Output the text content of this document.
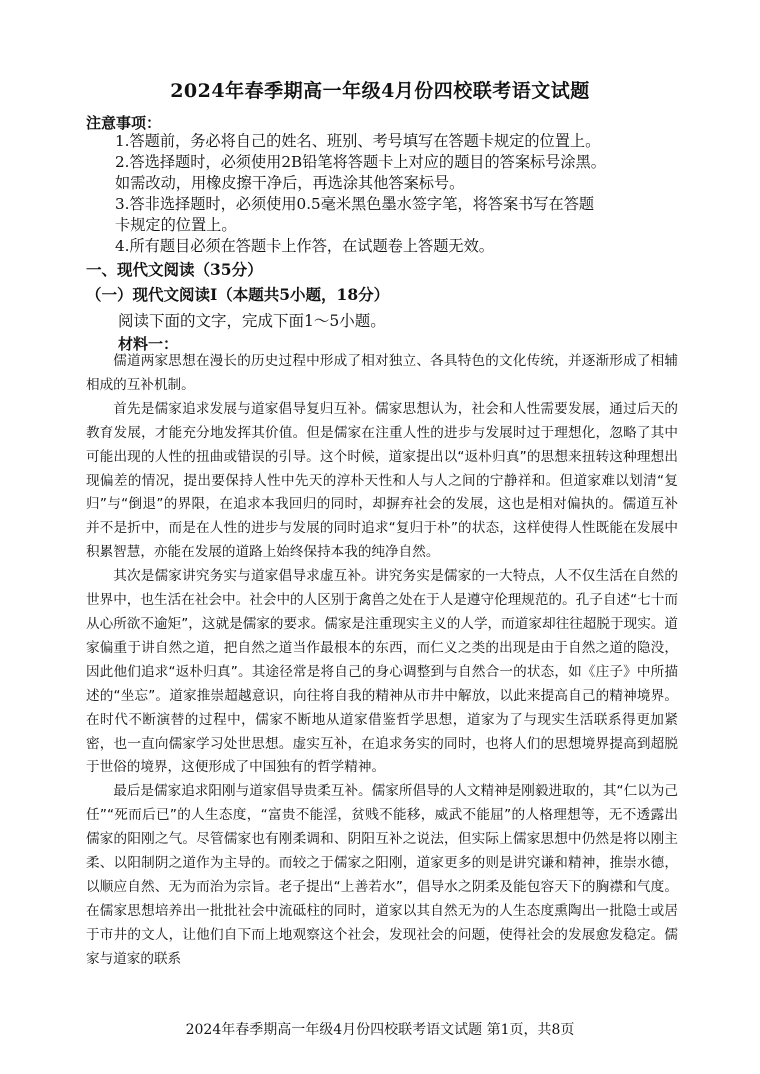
2024年春季期高一年级4月份四校联考语文试题
注意事项：
1.答题前，务必将自己的姓名、班别、考号填写在答题卡规定的位置上。
2.答选择题时，必须使用2B铅笔将答题卡上对应的题目的答案标号涂黑。
如需改动，用橡皮擦干净后，再选涂其他答案标号。
3.答非选择题时，必须使用0.5毫米黑色墨水签字笔，将答案书写在答题
卡规定的位置上。
4.所有题目必须在答题卡上作答，在试题卷上答题无效。
一、现代文阅读（35分）
（一）现代文阅读Ⅰ（本题共5小题，18分）
阅读下面的文字，完成下面1～5小题。
材料一：

儒道两家思想在漫长的历史过程中形成了相对独立、各具特色的文化传统，并逐渐形成了相辅相成的互补机制。

首先是儒家追求发展与道家倡导复归互补。儒家思想认为，社会和人性需要发展，通过后天的教育发展，才能充分地发挥其价值。但是儒家在注重人性的进步与发展时过于理想化，忽略了其中可能出现的人性的扭曲或错误的引导。这个时候，道家提出以“返朴归真”的思想来扭转这种理想出现偏差的情况，提出要保持人性中先天的淳朴天性和人与人之间的宁静祥和。但道家难以划清“复归”与“倒退”的界限，在追求本我回归的同时，却摒弃社会的发展，这也是相对偏执的。儒道互补并不是折中，而是在人性的进步与发展的同时追求“复归于朴”的状态，这样使得人性既能在发展中积累智慧，亦能在发展的道路上始终保持本我的纯净自然。

其次是儒家讲究务实与道家倡导求虚互补。讲究务实是儒家的一大特点，人不仅生活在自然的世界中，也生活在社会中。社会中的人区别于禽兽之处在于人是遵守伦理规范的。孔子自述“七十而从心所欲不逾矩”，这就是儒家的要求。儒家是注重现实主义的人学，而道家却往往超脱于现实。道家偏重于讲自然之道，把自然之道当作最根本的东西，而仁义之类的出现是由于自然之道的隐没，因此他们追求“返朴归真”。其途径常是将自己的身心调整到与自然合一的状态，如《庄子》中所描述的“坐忘”。道家推崇超越意识，向往将自我的精神从市井中解放，以此来提高自己的精神境界。在时代不断演替的过程中，儒家不断地从道家借鉴哲学思想，道家为了与现实生活联系得更加紧密，也一直向儒家学习处世思想。虚实互补，在追求务实的同时，也将人们的思想境界提高到超脱于世俗的境界，这便形成了中国独有的哲学精神。

最后是儒家追求阳刚与道家倡导贵柔互补。儒家所倡导的人文精神是刚毅进取的，其“仁以为己任”“死而后已”的人生态度，“富贵不能淫，贫贱不能移，威武不能屈”的人格理想等，无不透露出儒家的阳刚之气。尽管儒家也有刚柔调和、阴阳互补之说法，但实际上儒家思想中仍然是将以刚主柔、以阳制阴之道作为主导的。而较之于儒家之阳刚，道家更多的则是讲究谦和精神，推崇水德，以顺应自然、无为而治为宗旨。老子提出“上善若水”，倡导水之阴柔及能包容天下的胸襟和气度。在儒家思想培养出一批批社会中流砥柱的同时，道家以其自然无为的人生态度熏陶出一批隐士或居于市井的文人，让他们自下而上地观察这个社会，发现社会的问题，使得社会的发展愈发稳定。儒家与道家的联系

2024年春季期高一年级4月份四校联考语文试题 第1页，共8页
